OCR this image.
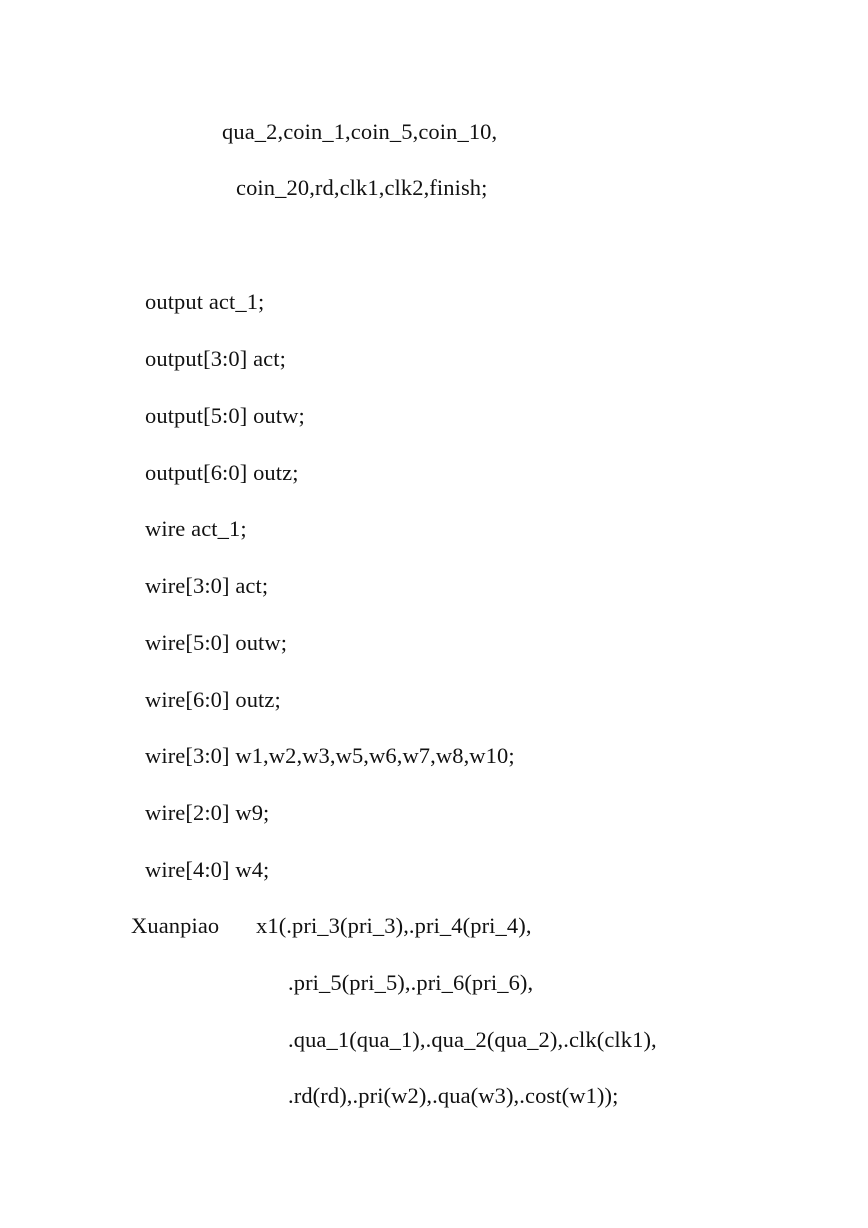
qua_2,coin_1,coin_5,coin_10,
coin_20,rd,clk1,clk2,finish;
output act_1;
output[3:0] act;
output[5:0] outw;
output[6:0] outz;
wire act_1;
wire[3:0] act;
wire[5:0] outw;
wire[6:0] outz;
wire[3:0] w1,w2,w3,w5,w6,w7,w8,w10;
wire[2:0] w9;
wire[4:0] w4;
Xuanpiao x1(.pri_3(pri_3),.pri_4(pri_4),
.pri_5(pri_5),.pri_6(pri_6),
.qua_1(qua_1),.qua_2(qua_2),.clk(clk1),
.rd(rd),.pri(w2),.qua(w3),.cost(w1));
